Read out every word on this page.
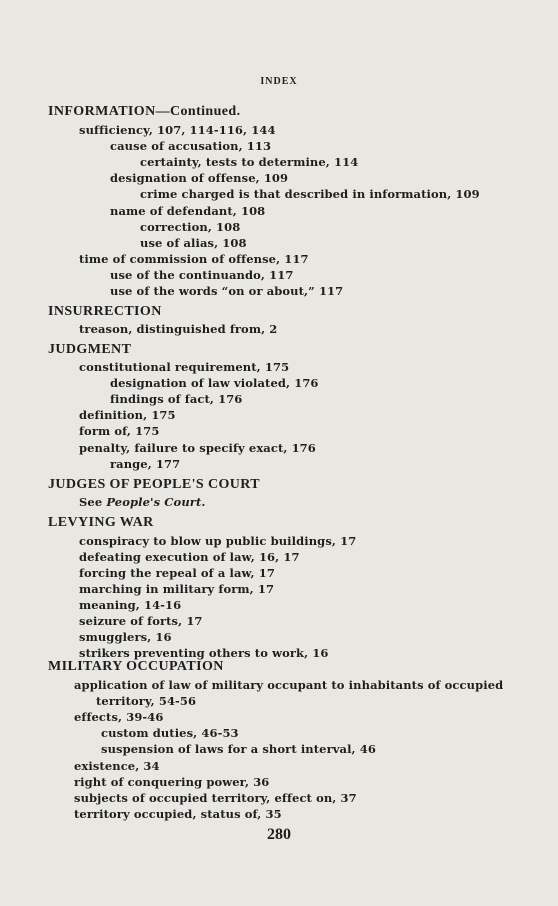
INDEX
INFORMATION—Continued.
sufficiency, 107, 114-116, 144
cause of accusation, 113
certainty, tests to determine, 114
designation of offense, 109
crime charged is that described in information, 109
name of defendant, 108
correction, 108
use of alias, 108
time of commission of offense, 117
use of the continuando, 117
use of the words “on or about,” 117
INSURRECTION
treason, distinguished from, 2
JUDGMENT
constitutional requirement, 175
designation of law violated, 176
findings of fact, 176
definition, 175
form of, 175
penalty, failure to specify exact, 176
range, 177
JUDGES OF PEOPLE'S COURT
See People's Court.
LEVYING WAR
conspiracy to blow up public buildings, 17
defeating execution of law, 16, 17
forcing the repeal of a law, 17
marching in military form, 17
meaning, 14-16
seizure of forts, 17
smugglers, 16
strikers preventing others to work, 16
MILITARY OCCUPATION
application of law of military occupant to inhabitants of occupied
territory, 54-56
effects, 39-46
custom duties, 46-53
suspension of laws for a short interval, 46
existence, 34
right of conquering power, 36
subjects of occupied territory, effect on, 37
territory occupied, status of, 35
280
